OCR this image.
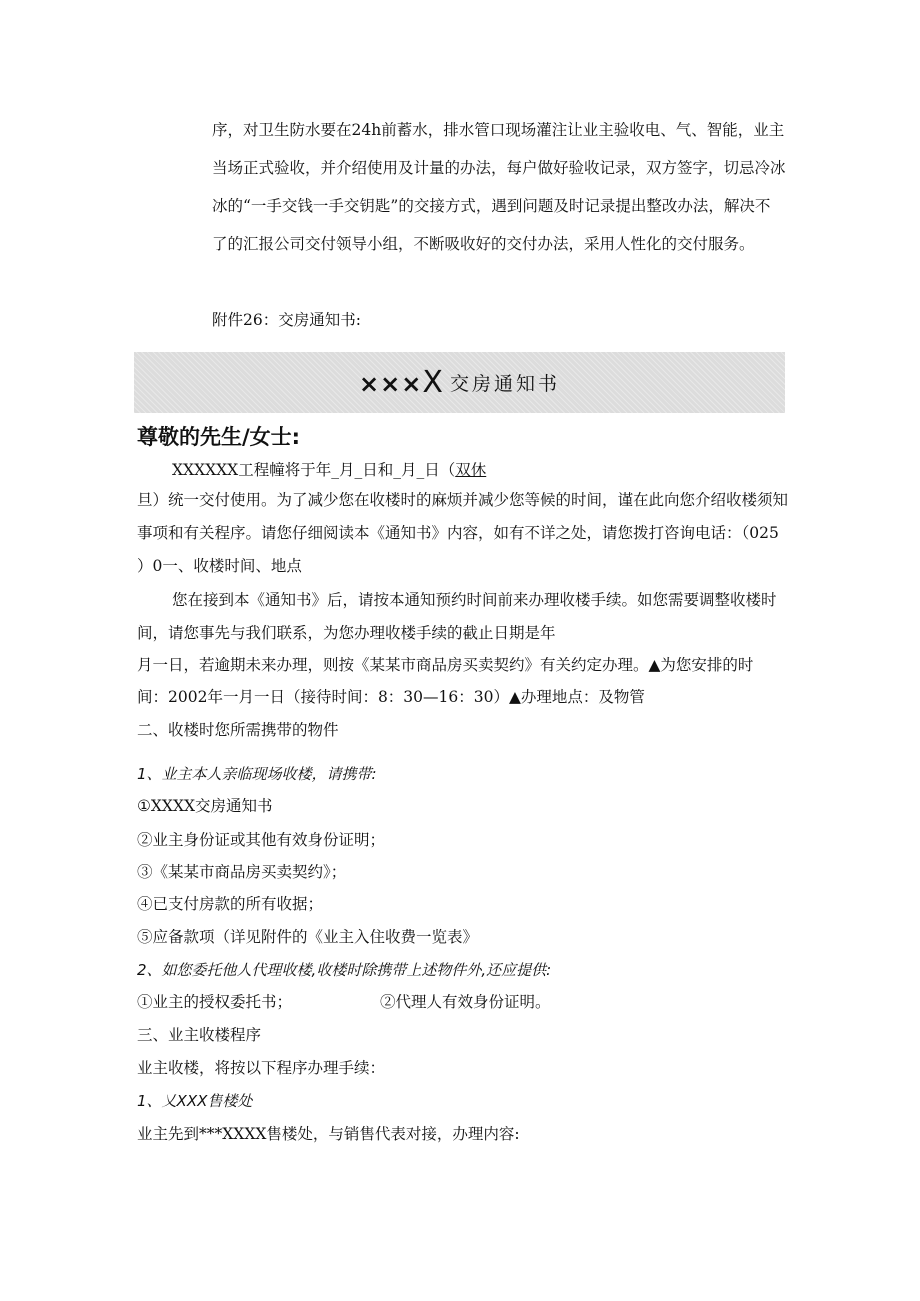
序，对卫生防水要在24h前蓄水，排水管口现场灌注让业主验收电、气、智能，业主
当场正式验收，并介绍使用及计量的办法，每户做好验收记录，双方签字，切忌冷冰
冰的“一手交钱一手交钥匙”的交接方式，遇到问题及时记录提出整改办法，解决不
了的汇报公司交付领导小组，不断吸收好的交付办法，采用人性化的交付服务。
附件26：交房通知书:
×××X 交房通知书
尊敬的先生/女士:
XXXXXX工程幢将于年_月_日和_月_日（双休
旦）统一交付使用。为了减少您在收楼时的麻烦并减少您等候的时间，谨在此向您介绍收楼须知
事项和有关程序。请您仔细阅读本《通知书》内容，如有不详之处，请您拨打咨询电话：（025
）0一、收楼时间、地点
您在接到本《通知书》后，请按本通知预约时间前来办理收楼手续。如您需要调整收楼时
间，请您事先与我们联系，为您办理收楼手续的截止日期是年
月一日，若逾期未来办理，则按《某某市商品房买卖契约》有关约定办理。▲为您安排的时
间：2002年一月一日（接待时间：8：30—16：30）▲办理地点：及物管
二、收楼时您所需携带的物件
1、业主本人亲临现场收楼，请携带:
①XXXX交房通知书
②业主身份证或其他有效身份证明；
③《某某市商品房买卖契约》；
④已支付房款的所有收据；
⑤应备款项（详见附件的《业主入住收费一览表》
2、如您委托他人代理收楼,收楼时除携带上述物件外,还应提供:
①业主的授权委托书；	②代理人有效身份证明。
三、业主收楼程序
业主收楼，将按以下程序办理手续：
1、乂XXX售楼处
业主先到***XXXX售楼处，与销售代表对接，办理内容:
